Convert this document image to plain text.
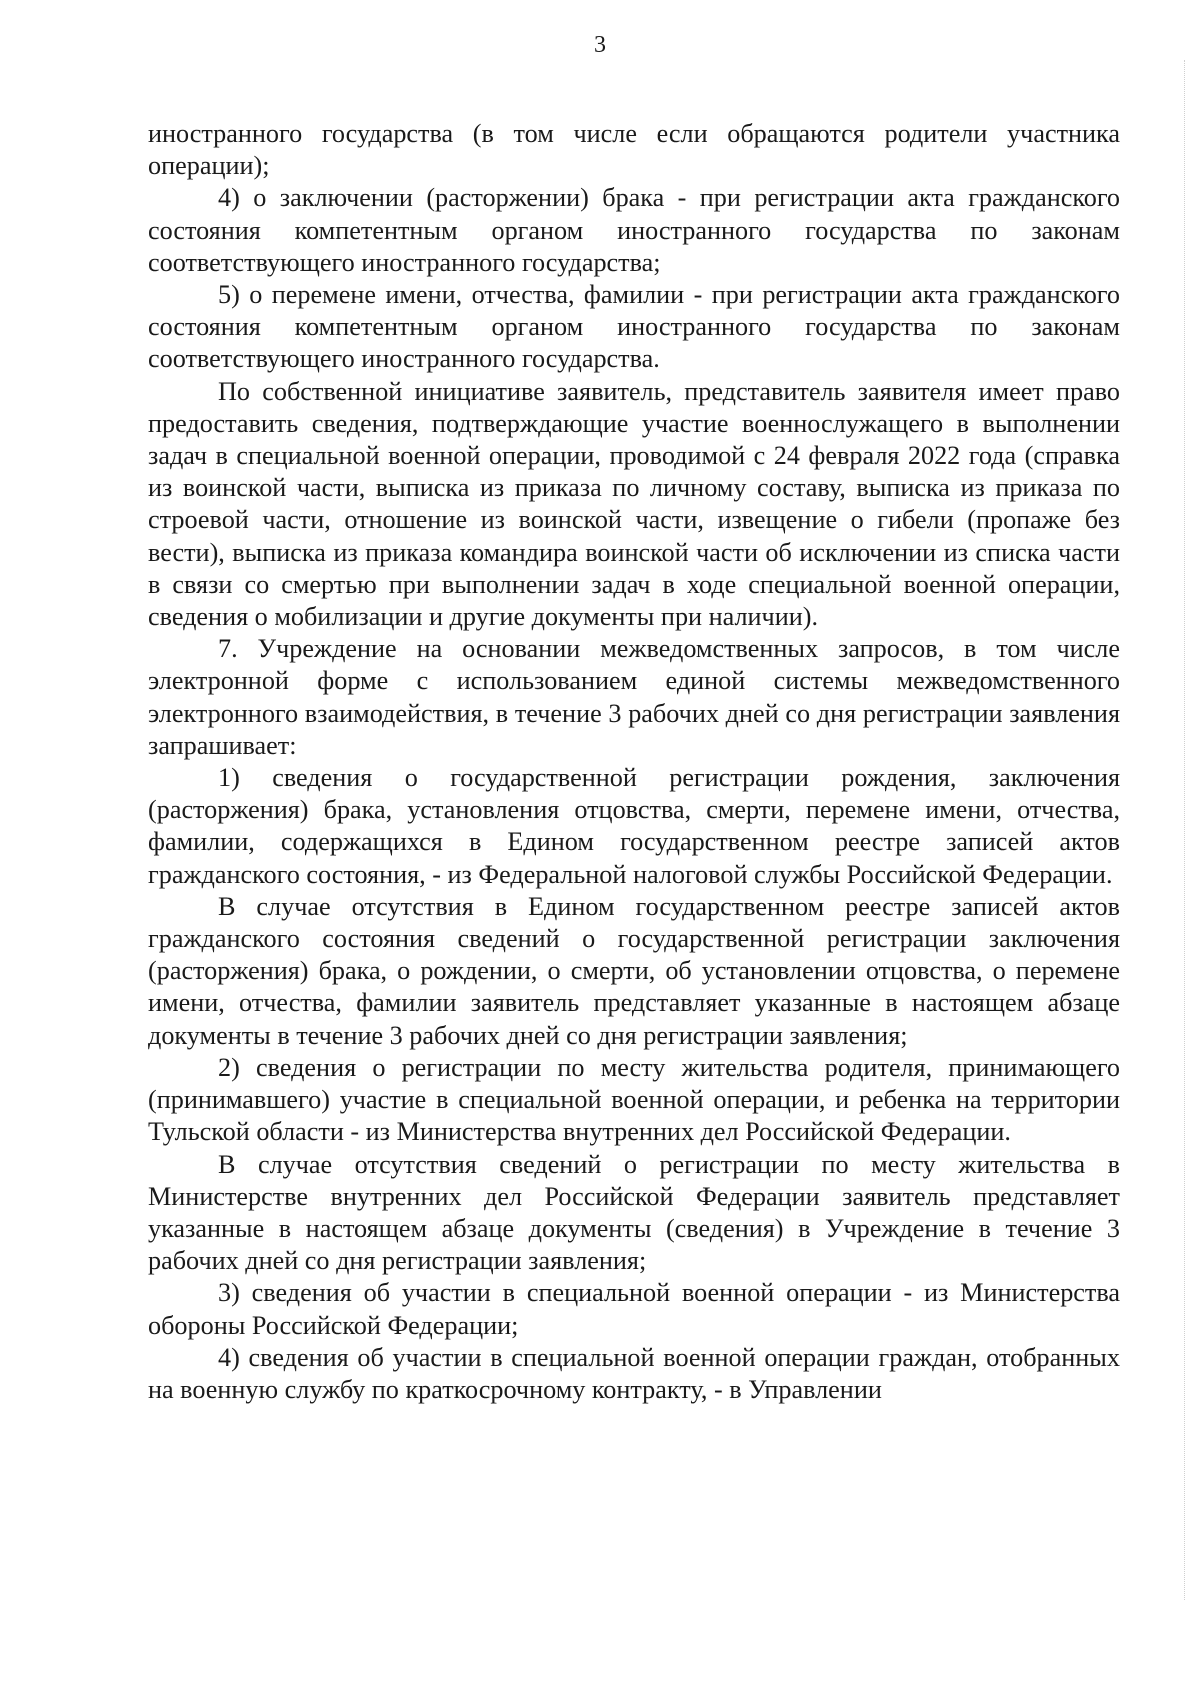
3

иностранного государства (в том числе если обращаются родители участника операции);

4) о заключении (расторжении) брака - при регистрации акта гражданского состояния компетентным органом иностранного государства по законам соответствующего иностранного государства;

5) о перемене имени, отчества, фамилии - при регистрации акта гражданского состояния компетентным органом иностранного государства по законам соответствующего иностранного государства.

По собственной инициативе заявитель, представитель заявителя имеет право предоставить сведения, подтверждающие участие военнослужащего в выполнении задач в специальной военной операции, проводимой с 24 февраля 2022 года (справка из воинской части, выписка из приказа по личному составу, выписка из приказа по строевой части, отношение из воинской части, извещение о гибели (пропаже без вести), выписка из приказа командира воинской части об исключении из списка части в связи со смертью при выполнении задач в ходе специальной военной операции, сведения о мобилизации и другие документы при наличии).

7. Учреждение на основании межведомственных запросов, в том числе электронной форме с использованием единой системы межведомственного электронного взаимодействия, в течение 3 рабочих дней со дня регистрации заявления запрашивает:

1) сведения о государственной регистрации рождения, заключения (расторжения) брака, установления отцовства, смерти, перемене имени, отчества, фамилии, содержащихся в Едином государственном реестре записей актов гражданского состояния, - из Федеральной налоговой службы Российской Федерации.

В случае отсутствия в Едином государственном реестре записей актов гражданского состояния сведений о государственной регистрации заключения (расторжения) брака, о рождении, о смерти, об установлении отцовства, о перемене имени, отчества, фамилии заявитель представляет указанные в настоящем абзаце документы в течение 3 рабочих дней со дня регистрации заявления;

2) сведения о регистрации по месту жительства родителя, принимающего (принимавшего) участие в специальной военной операции, и ребенка на территории Тульской области - из Министерства внутренних дел Российской Федерации.

В случае отсутствия сведений о регистрации по месту жительства в Министерстве внутренних дел Российской Федерации заявитель представляет указанные в настоящем абзаце документы (сведения) в Учреждение в течение 3 рабочих дней со дня регистрации заявления;

3) сведения об участии в специальной военной операции - из Министерства обороны Российской Федерации;

4) сведения об участии в специальной военной операции граждан, отобранных на военную службу по краткосрочному контракту, - в Управлении
